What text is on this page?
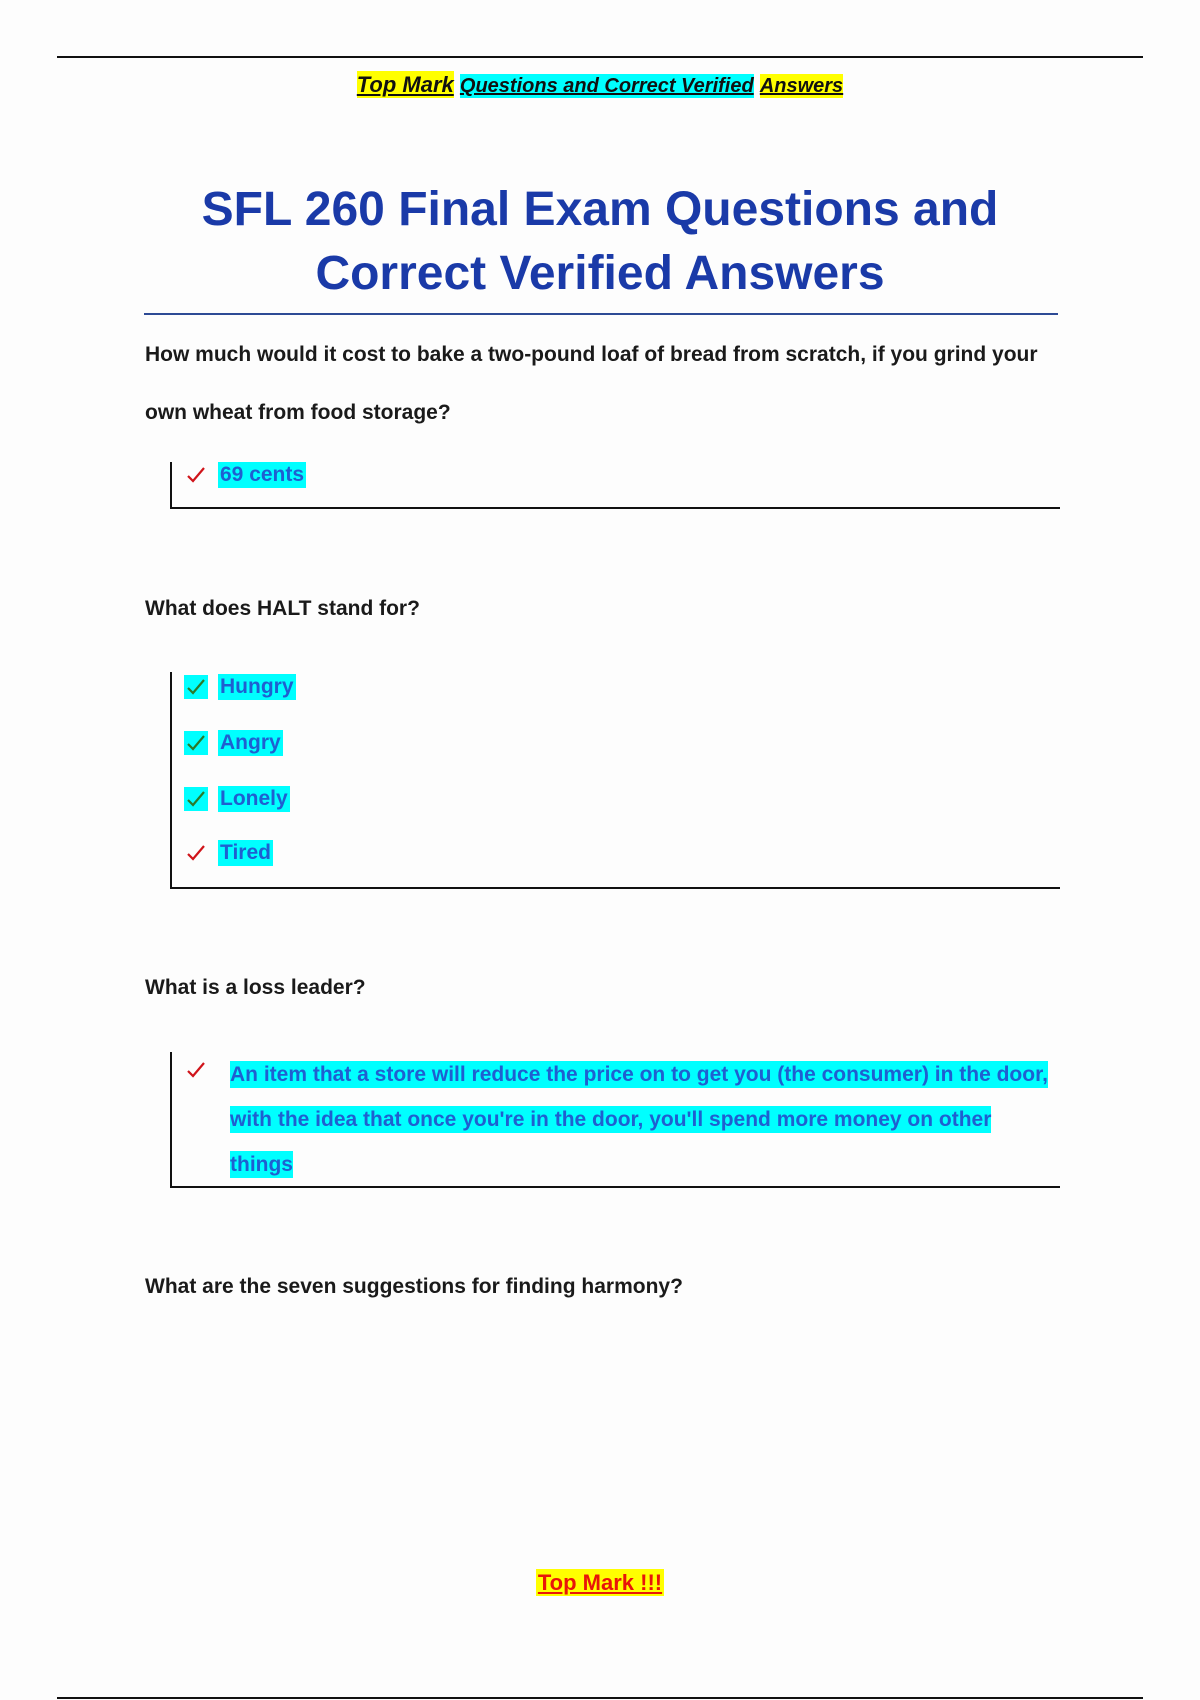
Top Mark Questions and Correct Verified Answers
SFL 260 Final Exam Questions and
Correct Verified Answers
How much would it cost to bake a two-pound loaf of bread from scratch, if you grind your own wheat from food storage?
69 cents
What does HALT stand for?
Hungry
Angry
Lonely
Tired
What is a loss leader?
An item that a store will reduce the price on to get you (the consumer) in the door, with the idea that once you're in the door, you'll spend more money on other things
What are the seven suggestions for finding harmony?
Top Mark !!!
